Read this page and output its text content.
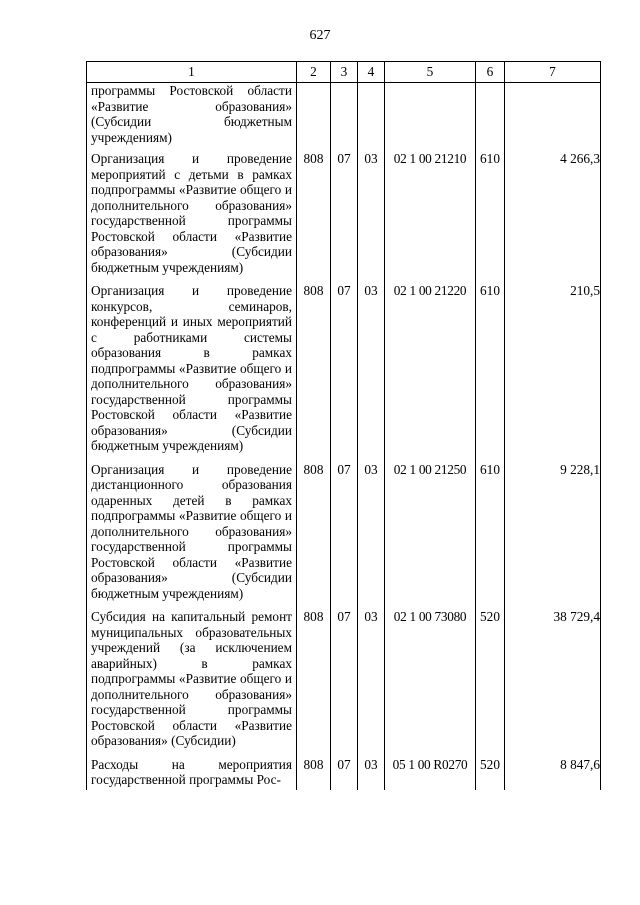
627
1	2	3	4	5	6	7
программы Ростовской области «Развитие образования» (Субсидии бюджетным учреждениям)						
Организация и проведение мероприятий с детьми в рамках подпрограммы «Развитие общего и дополнительного образования» государственной программы Ростовской области «Развитие образования» (Субсидии бюджетным учреждениям)	808	07	03	02 1 00 21210	610	4 266,3
Организация и проведение конкурсов, семинаров, конференций и иных мероприятий с работниками системы образования в рамках подпрограммы «Развитие общего и дополнительного образования» государственной программы Ростовской области «Развитие образования» (Субсидии бюджетным учреждениям)	808	07	03	02 1 00 21220	610	210,5
Организация и проведение дистанционного образования одаренных детей в рамках подпрограммы «Развитие общего и дополнительного образования» государственной программы Ростовской области «Развитие образования» (Субсидии бюджетным учреждениям)	808	07	03	02 1 00 21250	610	9 228,1
Субсидия на капитальный ремонт муниципальных образовательных учреждений (за исключением аварийных) в рамках подпрограммы «Развитие общего и дополнительного образования» государственной программы Ростовской области «Развитие образования» (Субсидии)	808	07	03	02 1 00 73080	520	38 729,4
Расходы на мероприятия государственной программы Рос-	808	07	03	05 1 00 R0270	520	8 847,6
